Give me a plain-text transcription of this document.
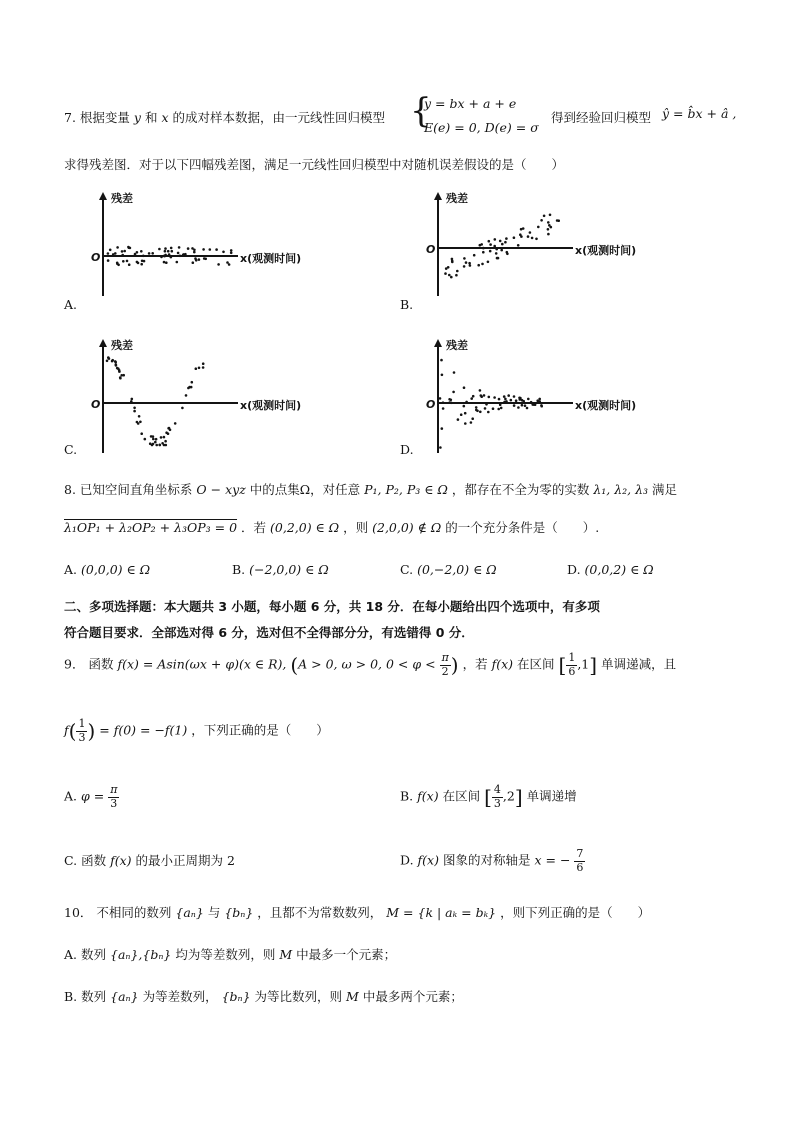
7. 根据变量 y 和 x 的成对样本数据，由一元线性回归模型 {
y = bx + a + e
E(e) = 0, D(e) = σ
得到经验回归模型 ŷ = b̂x + â ,
求得残差图．对于以下四幅残差图，满足一元线性回归模型中对随机误差假设的是（　　）
残差
O	x(观测时间)
A.
残差
O	x(观测时间)
B.
残差
O	x(观测时间)
C.
残差
O	x(观测时间)
D.
8. 已知空间直角坐标系 O − xyz 中的点集Ω，对任意 P₁, P₂, P₃ ∈ Ω ，都存在不全为零的实数 λ₁, λ₂, λ₃ 满足
λ₁OP₁ + λ₂OP₂ + λ₃OP₃ = 0 ．若 (0,2,0) ∈ Ω ，则 (2,0,0) ∉ Ω 的一个充分条件是（　　）.
A. (0,0,0) ∈ Ω	B. (−2,0,0) ∈ Ω	C. (0,−2,0) ∈ Ω	D. (0,0,2) ∈ Ω
二、多项选择题：本大题共 3 小题，每小题 6 分，共 18 分．在每小题给出四个选项中，有多项
符合题目要求．全部选对得 6 分，选对但不全得部分分，有选错得 0 分．
9． 函数 f(x) = Asin(ωx + φ)(x ∈ R), (A > 0, ω > 0, $0 < \varphi < \frac{\pi}{2}$ ) ，若 f(x) 在区间 [ $\frac{1}{6} ,1$] 单调递减，且
$f( \frac{1}{3}$ ) = f(0) = −f(1) ，下列正确的是（　　）
A. $\varphi = \frac{\pi}{3}$	B. f(x) 在区间 [ $\frac{4}{3} ,2$] 单调递增
C. 函数 f(x) 的最小正周期为 2	D. f(x) 图象的对称轴是 x = − $\frac{7}{6}$
10． 不相同的数列 {aₙ} 与 {bₙ} ，且都不为常数数列， M = {k | aₖ = bₖ} ，则下列正确的是（　　）
A. 数列 {aₙ},{bₙ} 均为等差数列，则 M 中最多一个元素；
B. 数列 {aₙ} 为等差数列， {bₙ} 为等比数列，则 M 中最多两个元素；
